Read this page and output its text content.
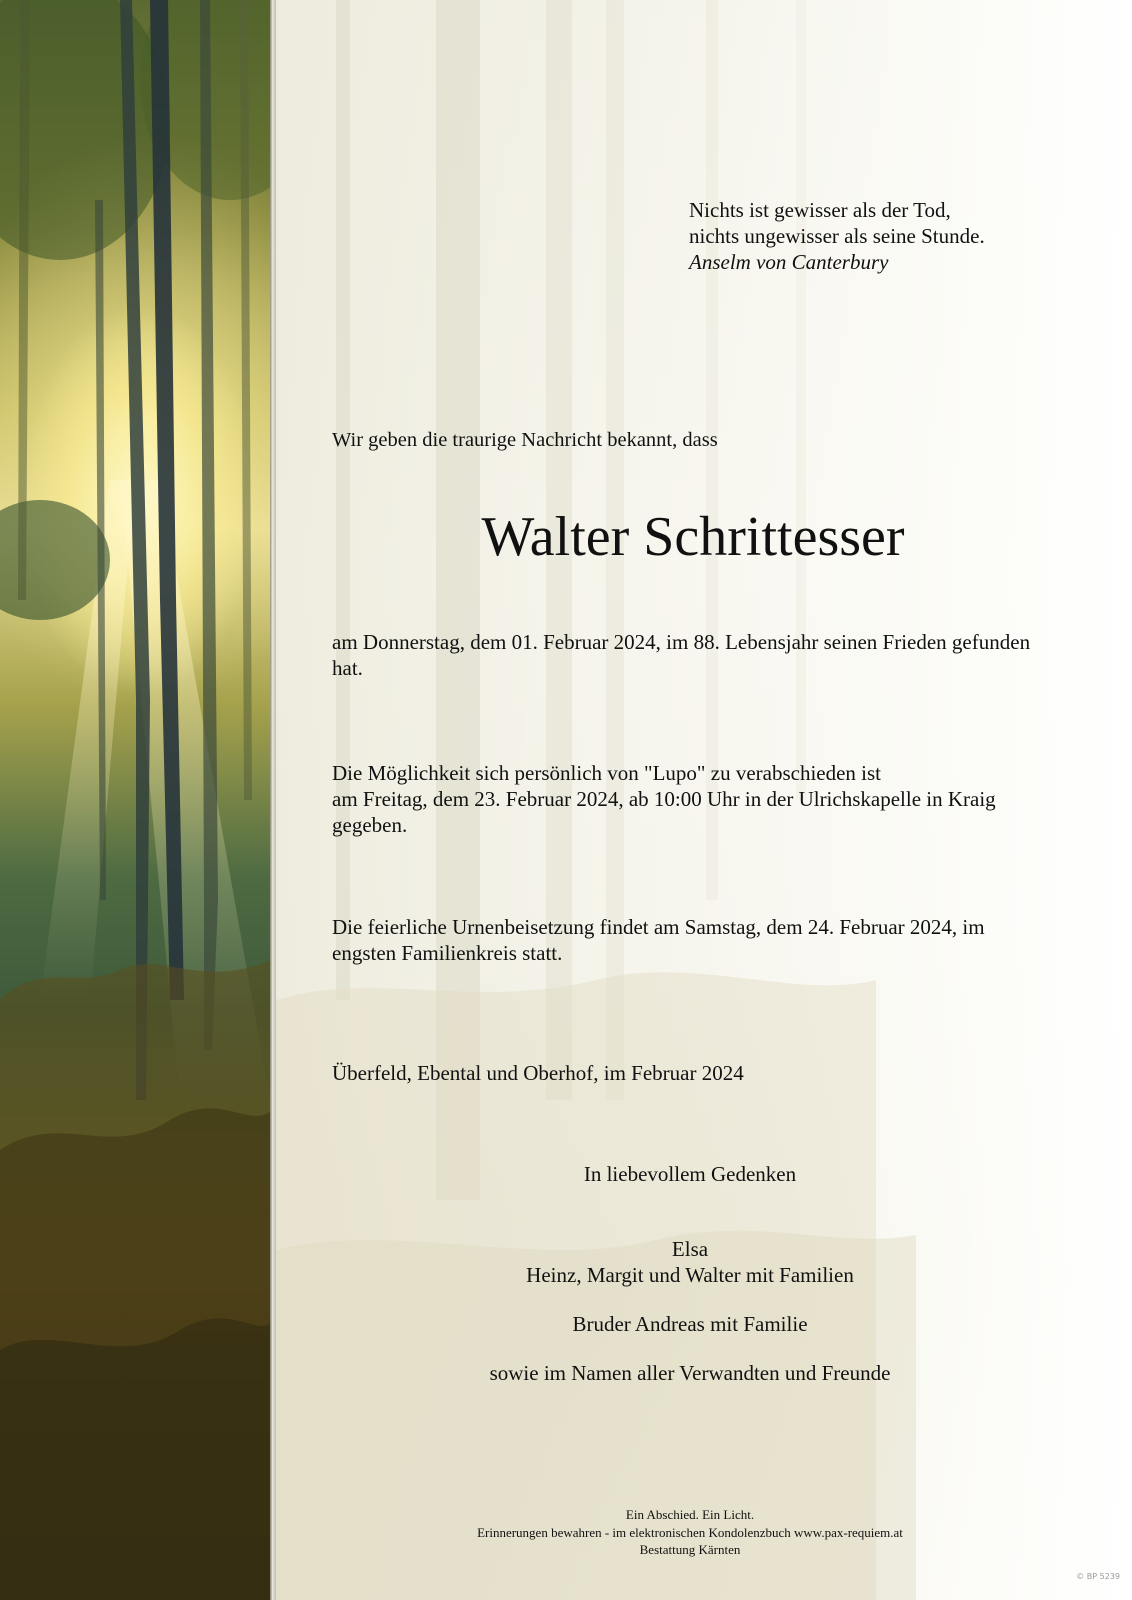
Nichts ist gewisser als der Tod,
nichts ungewisser als seine Stunde.
Anselm von Canterbury
Wir geben die traurige Nachricht bekannt, dass
Walter Schrittesser
am Donnerstag, dem 01. Februar 2024, im 88. Lebensjahr seinen Frieden gefunden hat.
Die Möglichkeit sich persönlich von "Lupo" zu verabschieden ist
am Freitag, dem 23. Februar 2024, ab 10:00 Uhr in der Ulrichskapelle in Kraig gegeben.
Die feierliche Urnenbeisetzung findet am Samstag, dem 24. Februar 2024, im engsten Familienkreis statt.
Überfeld, Ebental und Oberhof, im Februar 2024
In liebevollem Gedenken
Elsa
Heinz, Margit und Walter mit Familien
Bruder Andreas mit Familie
sowie im Namen aller Verwandten und Freunde
Ein Abschied. Ein Licht.
Erinnerungen bewahren - im elektronischen Kondolenzbuch www.pax-requiem.at
Bestattung Kärnten
© BP 5239
